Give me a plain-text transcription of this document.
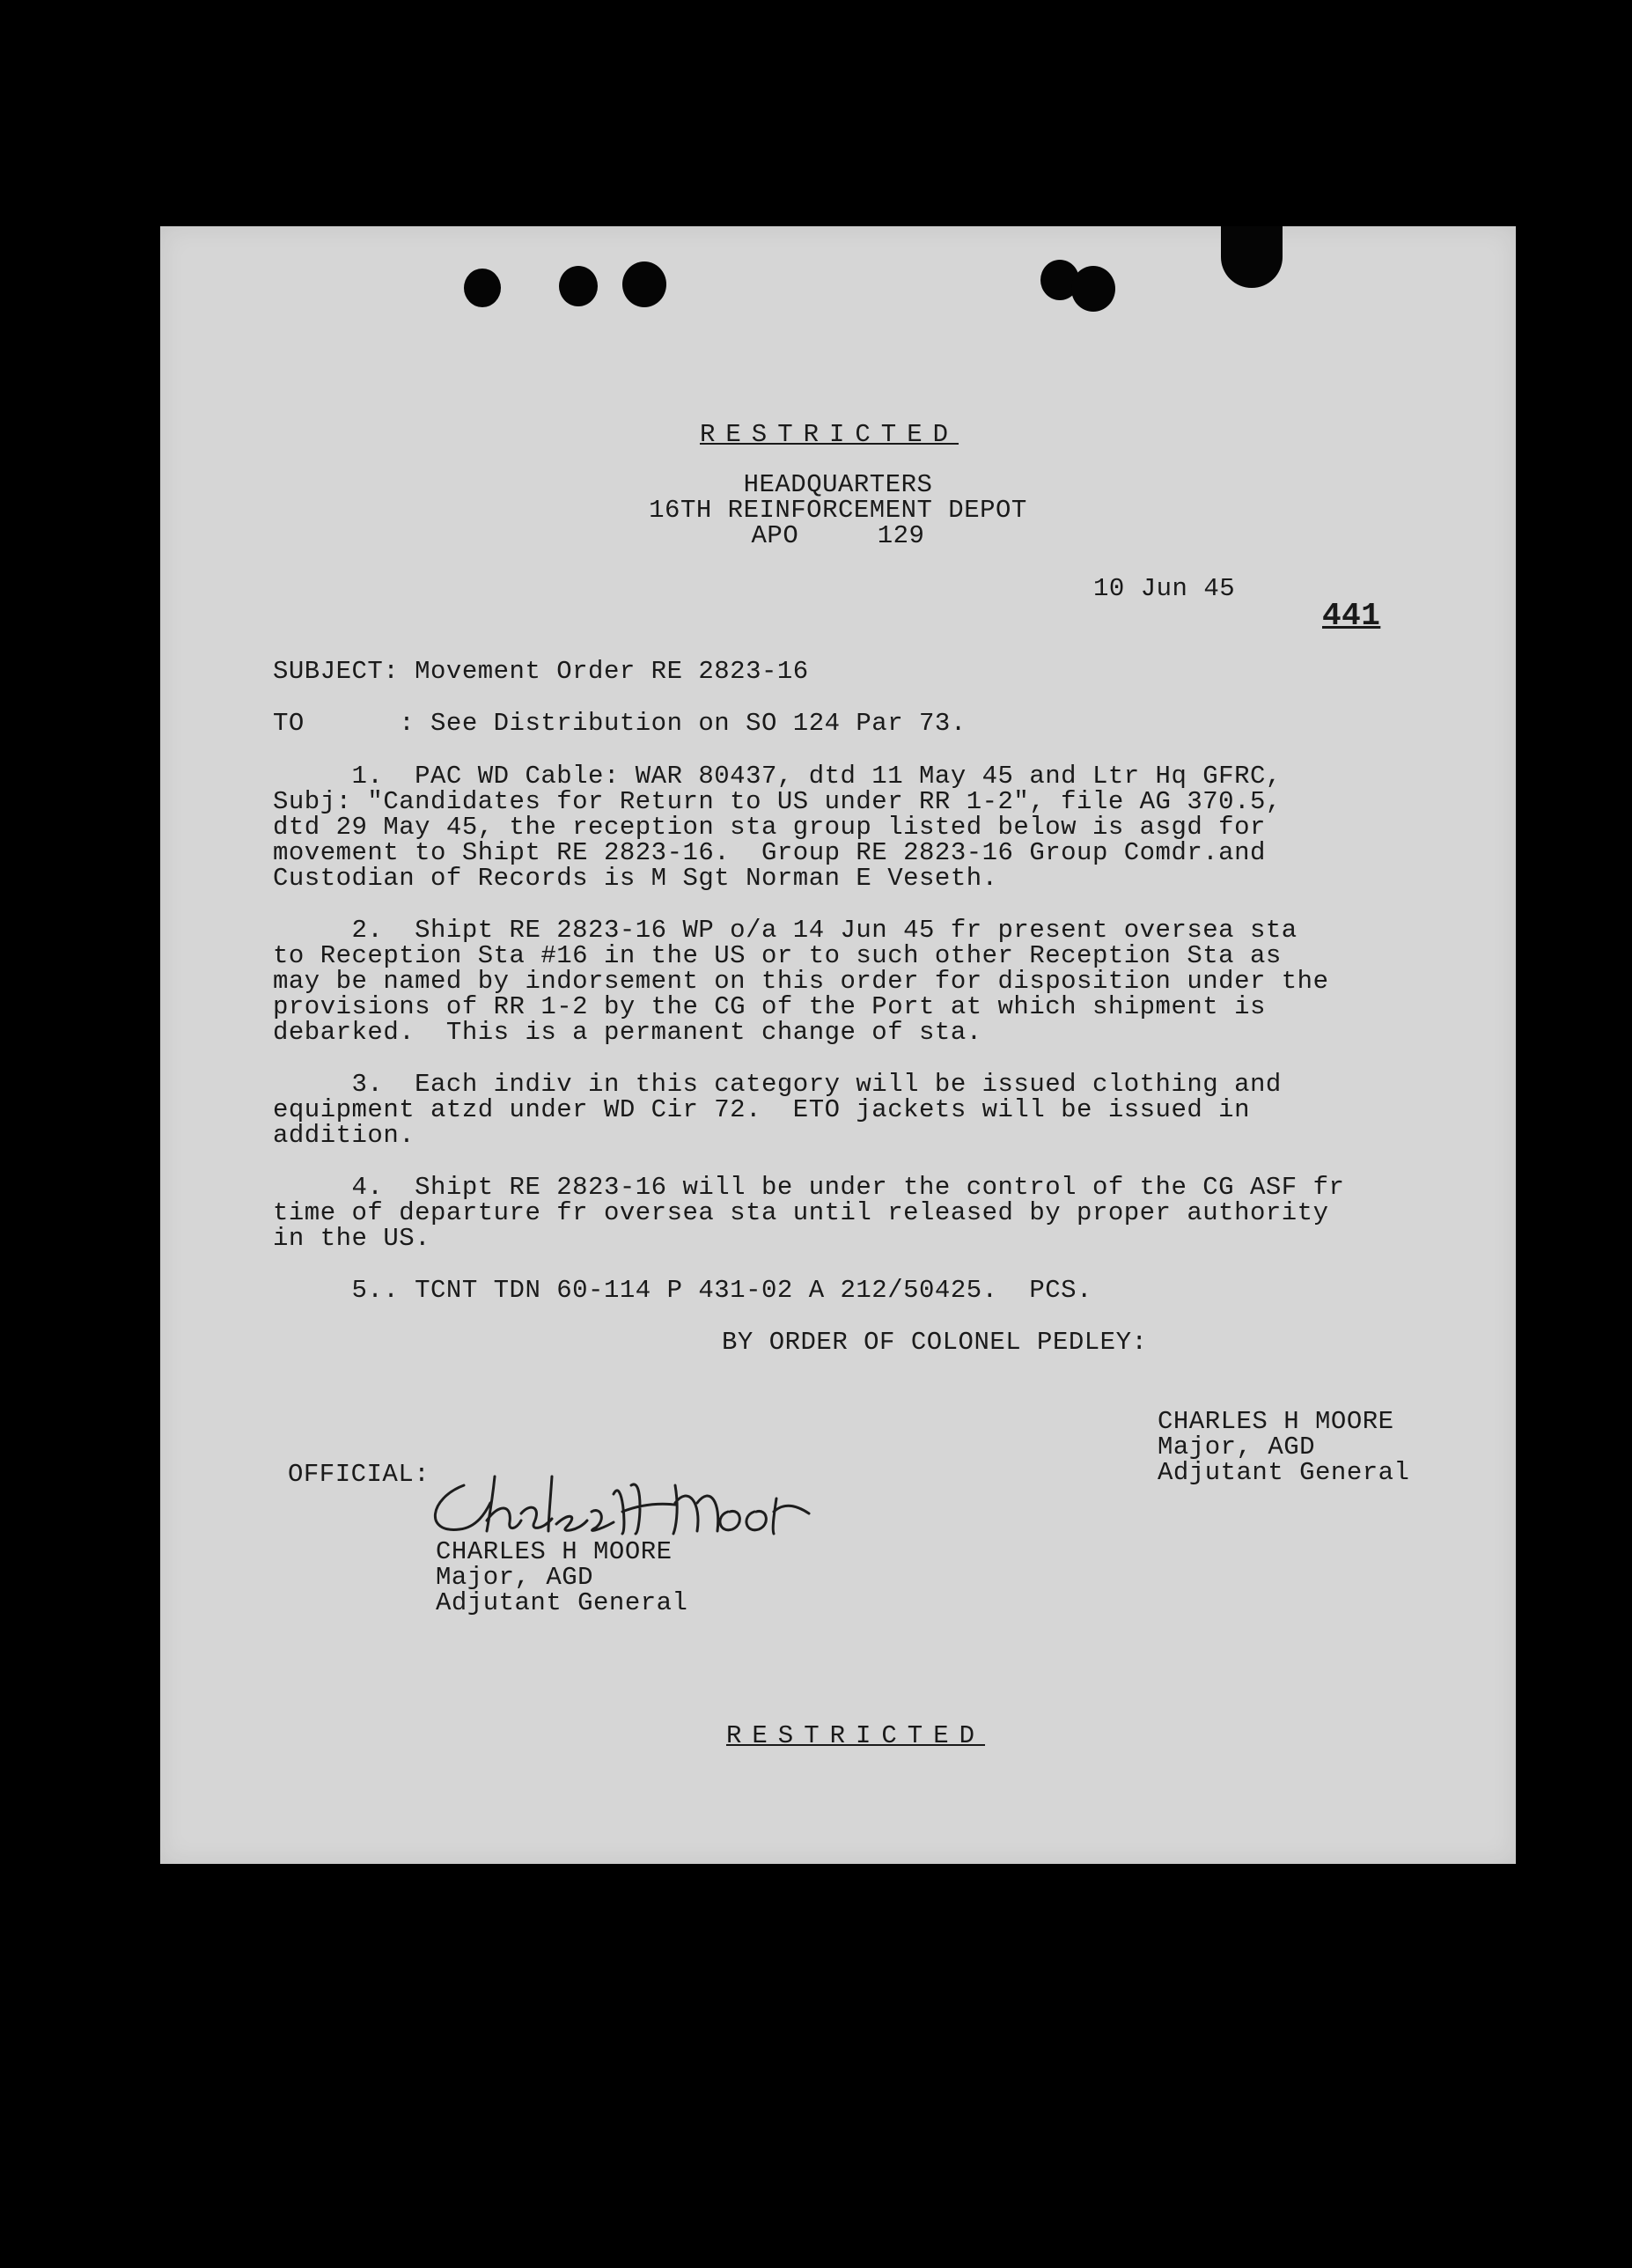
RESTRICTED
HEADQUARTERS
16TH REINFORCEMENT DEPOT
APO     129
10 Jun 45
441
SUBJECT: Movement Order RE 2823-16
TO      : See Distribution on SO 124 Par 73.
1.  PAC WD Cable: WAR 80437, dtd 11 May 45 and Ltr Hq GFRC,
Subj: "Candidates for Return to US under RR 1-2", file AG 370.5,
dtd 29 May 45, the reception sta group listed below is asgd for
movement to Shipt RE 2823-16.  Group RE 2823-16 Group Comdr.and
Custodian of Records is M Sgt Norman E Veseth.
2.  Shipt RE 2823-16 WP o/a 14 Jun 45 fr present oversea sta
to Reception Sta #16 in the US or to such other Reception Sta as
may be named by indorsement on this order for disposition under the
provisions of RR 1-2 by the CG of the Port at which shipment is
debarked.  This is a permanent change of sta.
3.  Each indiv in this category will be issued clothing and
equipment atzd under WD Cir 72.  ETO jackets will be issued in
addition.
4.  Shipt RE 2823-16 will be under the control of the CG ASF fr
time of departure fr oversea sta until released by proper authority
in the US.
5.. TCNT TDN 60-114 P 431-02 A 212/50425.  PCS.
BY ORDER OF COLONEL PEDLEY:
CHARLES H MOORE
Major, AGD
Adjutant General
OFFICIAL:
CHARLES H MOORE
Major, AGD
Adjutant General
RESTRICTED
